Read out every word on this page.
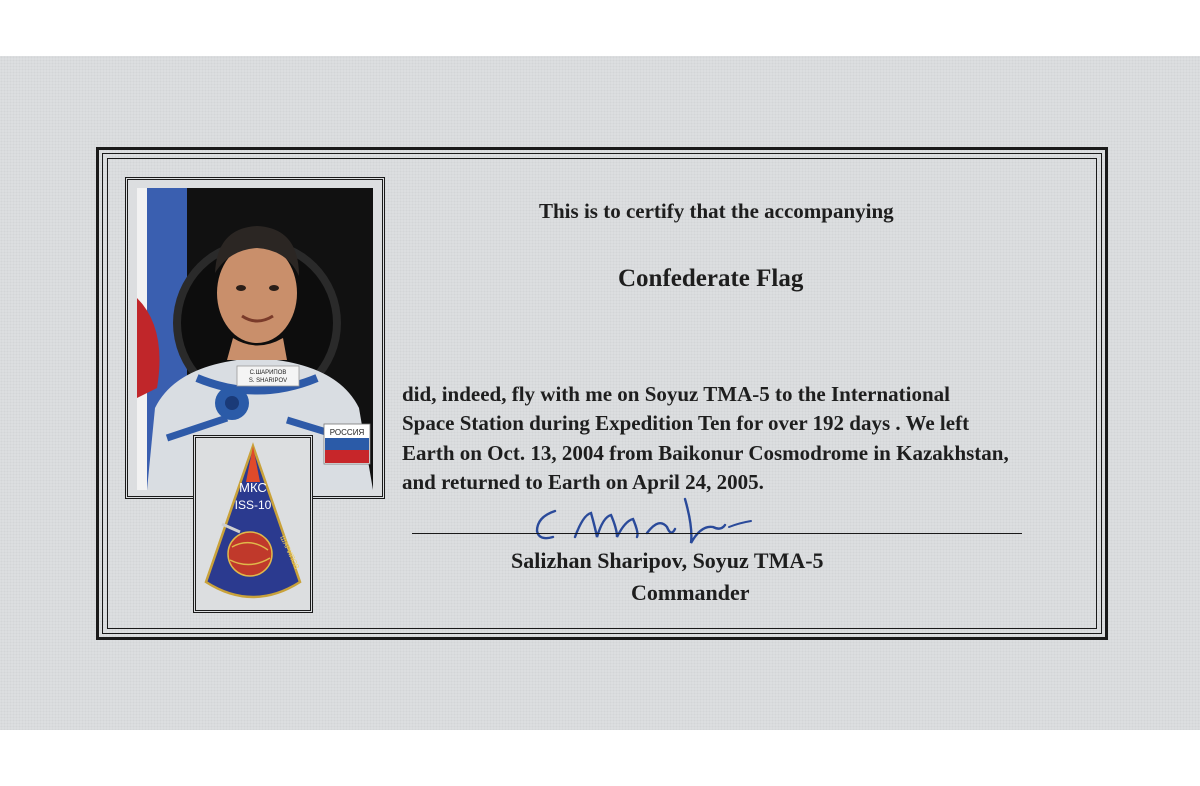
С.ШАРИПОВ
S. SHARIPOV
РОССИЯ
МКС
ISS-10
ШАРИПОВ
This is to certify that the accompanying
Confederate Flag
did, indeed, fly with me on Soyuz TMA-5 to the International
Space Station during Expedition Ten for over 192 days . We left
Earth on Oct. 13, 2004 from Baikonur Cosmodrome in Kazakhstan,
and returned to Earth on April 24, 2005.
Salizhan Sharipov, Soyuz TMA-5
Commander
